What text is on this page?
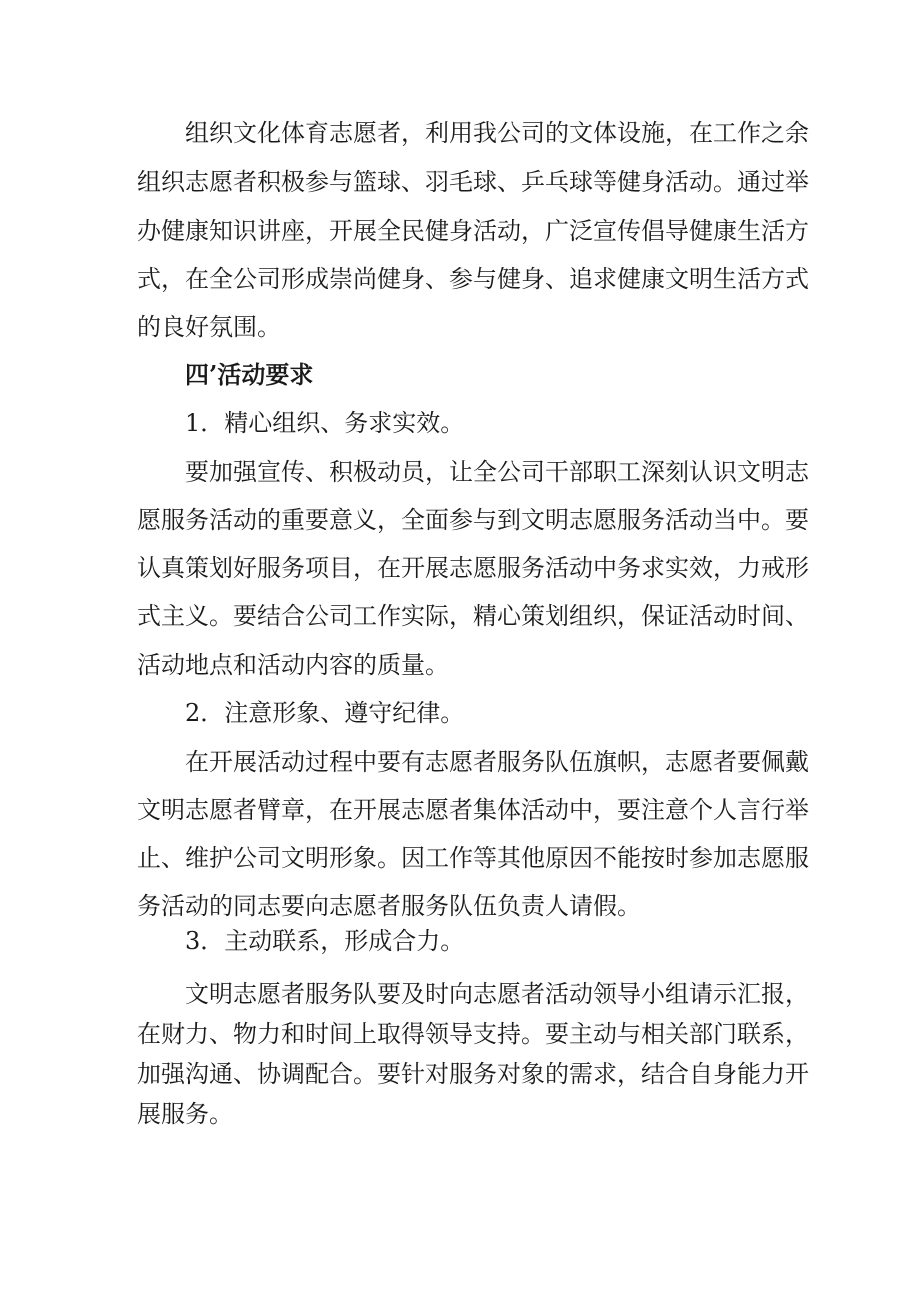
组织文化体育志愿者，利用我公司的文体设施，在工作之余

组织志愿者积极参与篮球、羽毛球、乒乓球等健身活动。通过举

办健康知识讲座，开展全民健身活动，广泛宣传倡导健康生活方

式，在全公司形成崇尚健身、参与健身、追求健康文明生活方式

的良好氛围。

四’活动要求

1．精心组织、务求实效。

要加强宣传、积极动员，让全公司干部职工深刻认识文明志

愿服务活动的重要意义，全面参与到文明志愿服务活动当中。要

认真策划好服务项目，在开展志愿服务活动中务求实效，力戒形

式主义。要结合公司工作实际，精心策划组织，保证活动时间、

活动地点和活动内容的质量。

2．注意形象、遵守纪律。

在开展活动过程中要有志愿者服务队伍旗帜，志愿者要佩戴

文明志愿者臂章，在开展志愿者集体活动中，要注意个人言行举

止、维护公司文明形象。因工作等其他原因不能按时参加志愿服

务活动的同志要向志愿者服务队伍负责人请假。

3．主动联系，形成合力。

文明志愿者服务队要及时向志愿者活动领导小组请示汇报，

在财力、物力和时间上取得领导支持。要主动与相关部门联系，

加强沟通、协调配合。要针对服务对象的需求，结合自身能力开

展服务。
